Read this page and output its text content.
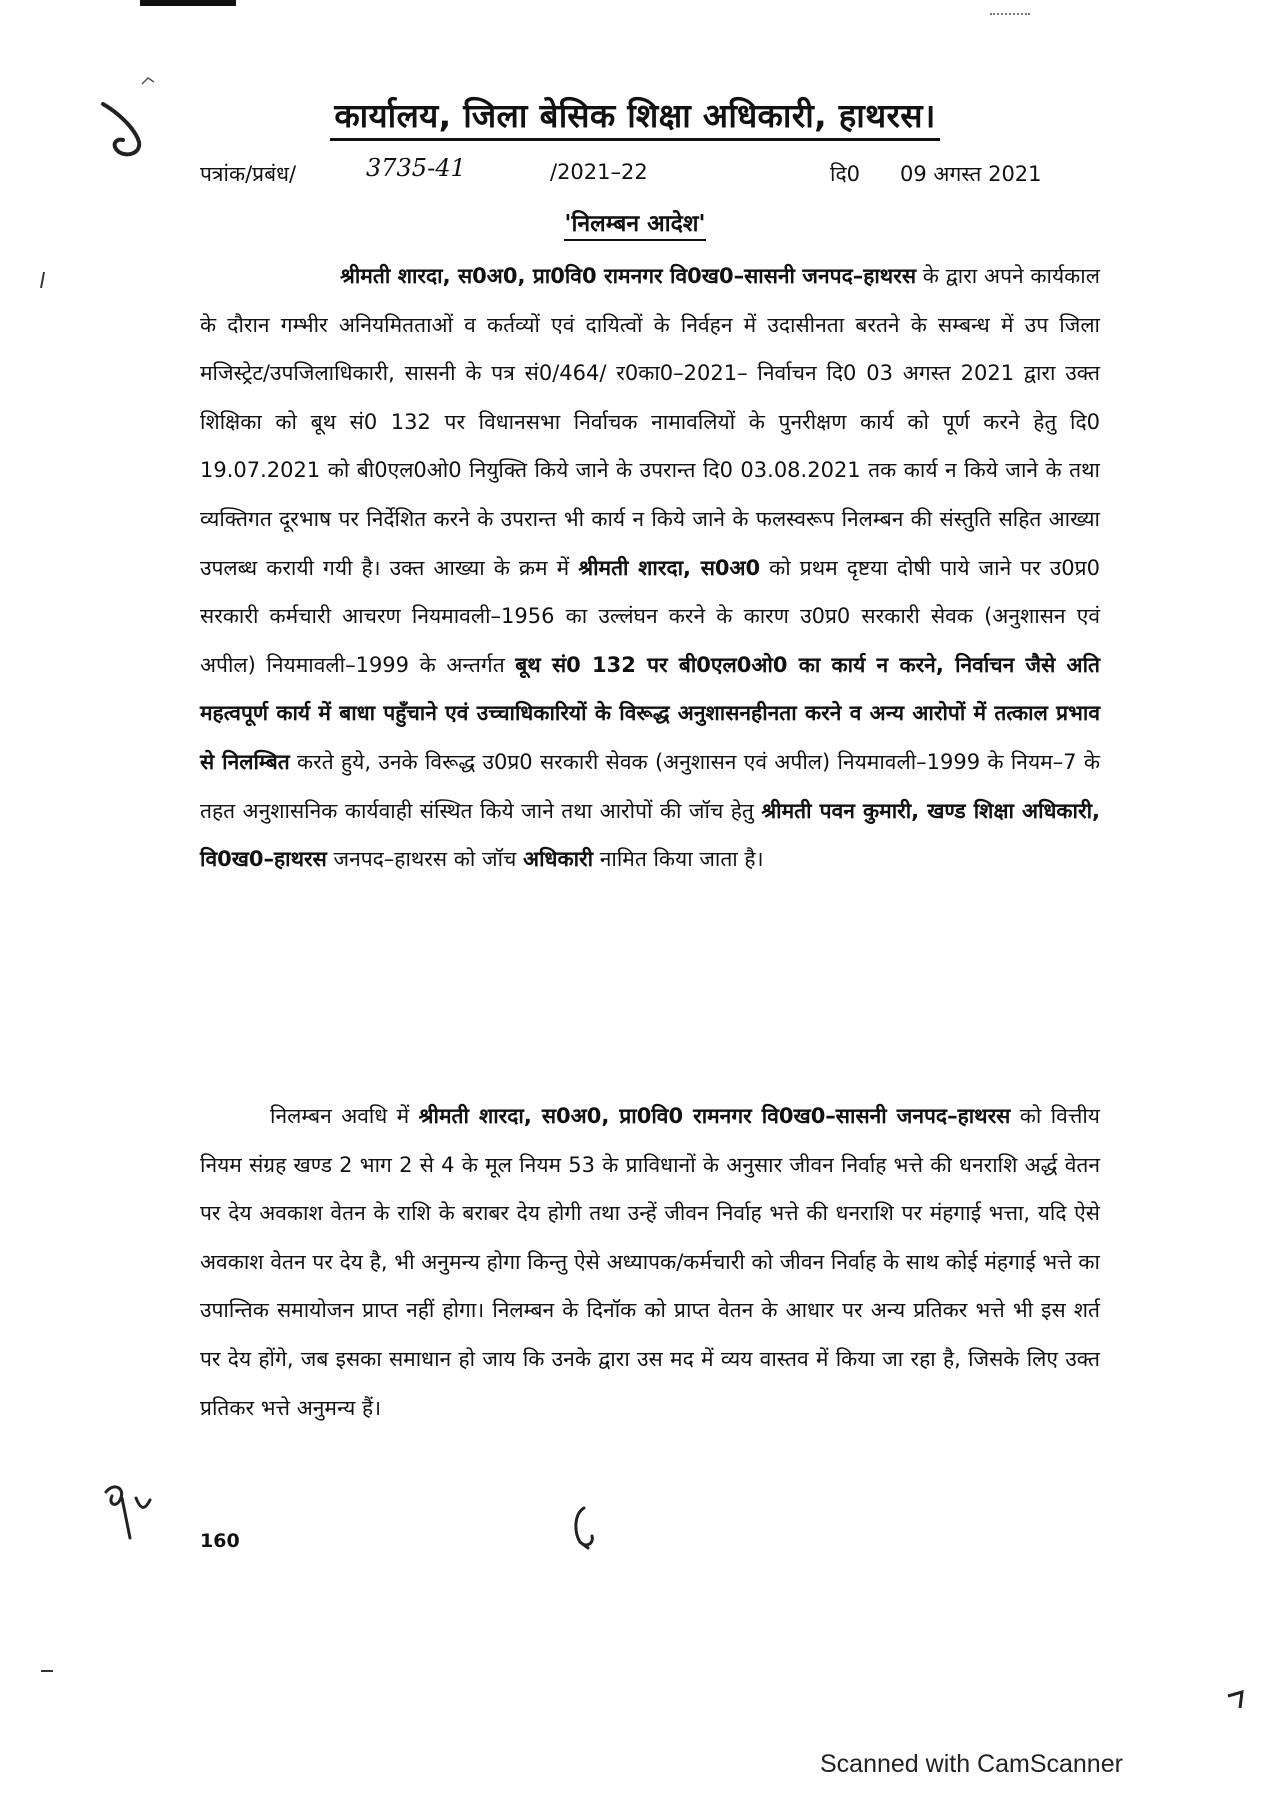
कार्यालय, जिला बेसिक शिक्षा अधिकारी, हाथरस।
पत्रांक/प्रबंध/	3735-41	/2021–22	दि0 09 अगस्त 2021
'निलम्बन आदेश'

श्रीमती शारदा, स0अ0, प्रा0वि0 रामनगर वि0ख0–सासनी जनपद–हाथरस के द्वारा अपने कार्यकाल के दौरान गम्भीर अनियमितताओं व कर्तव्यों एवं दायित्वों के निर्वहन में उदासीनता बरतने के सम्बन्ध में उप जिला मजिस्ट्रेट/उपजिलाधिकारी, सासनी के पत्र सं0/464/ र0का0–2021– निर्वाचन दि0 03 अगस्त 2021 द्वारा उक्त शिक्षिका को बूथ सं0 132 पर विधानसभा निर्वाचक नामावलियों के पुनरीक्षण कार्य को पूर्ण करने हेतु दि0 19.07.2021 को बी0एल0ओ0 नियुक्ति किये जाने के उपरान्त दि0 03.08.2021 तक कार्य न किये जाने के तथा व्यक्तिगत दूरभाष पर निर्देशित करने के उपरान्त भी कार्य न किये जाने के फलस्वरूप निलम्बन की संस्तुति सहित आख्या उपलब्ध करायी गयी है। उक्त आख्या के क्रम में श्रीमती शारदा, स0अ0 को प्रथम दृष्टया दोषी पाये जाने पर उ0प्र0 सरकारी कर्मचारी आचरण नियमावली–1956 का उल्लंघन करने के कारण उ0प्र0 सरकारी सेवक (अनुशासन एवं अपील) नियमावली–1999 के अन्तर्गत बूथ सं0 132 पर बी0एल0ओ0 का कार्य न करने, निर्वाचन जैसे अति महत्वपूर्ण कार्य में बाधा पहुँचाने एवं उच्चाधिकारियों के विरूद्ध अनुशासनहीनता करने व अन्य आरोपों में तत्काल प्रभाव से निलम्बित करते हुये, उनके विरूद्ध उ0प्र0 सरकारी सेवक (अनुशासन एवं अपील) नियमावली–1999 के नियम–7 के तहत अनुशासनिक कार्यवाही संस्थित किये जाने तथा आरोपों की जॉच हेतु श्रीमती पवन कुमारी, खण्ड शिक्षा अधिकारी, वि0ख0–हाथरस जनपद–हाथरस को जॉच अधिकारी नामित किया जाता है।

निलम्बन अवधि में श्रीमती शारदा, स0अ0, प्रा0वि0 रामनगर वि0ख0–सासनी जनपद–हाथरस को वित्तीय नियम संग्रह खण्ड 2 भाग 2 से 4 के मूल नियम 53 के प्राविधानों के अनुसार जीवन निर्वाह भत्ते की धनराशि अर्द्ध वेतन पर देय अवकाश वेतन के राशि के बराबर देय होगी तथा उन्हें जीवन निर्वाह भत्ते की धनराशि पर मंहगाई भत्ता, यदि ऐसे अवकाश वेतन पर देय है, भी अनुमन्य होगा किन्तु ऐसे अध्यापक/कर्मचारी को जीवन निर्वाह के साथ कोई मंहगाई भत्ते का उपान्तिक समायोजन प्राप्त नहीं होगा। निलम्बन के दिनॉक को प्राप्त वेतन के आधार पर अन्य प्रतिकर भत्ते भी इस शर्त पर देय होंगे, जब इसका समाधान हो जाय कि उनके द्वारा उस मद में व्यय वास्तव में किया जा रहा है, जिसके लिए उक्त प्रतिकर भत्ते अनुमन्य हैं।

160
Scanned with CamScanner
